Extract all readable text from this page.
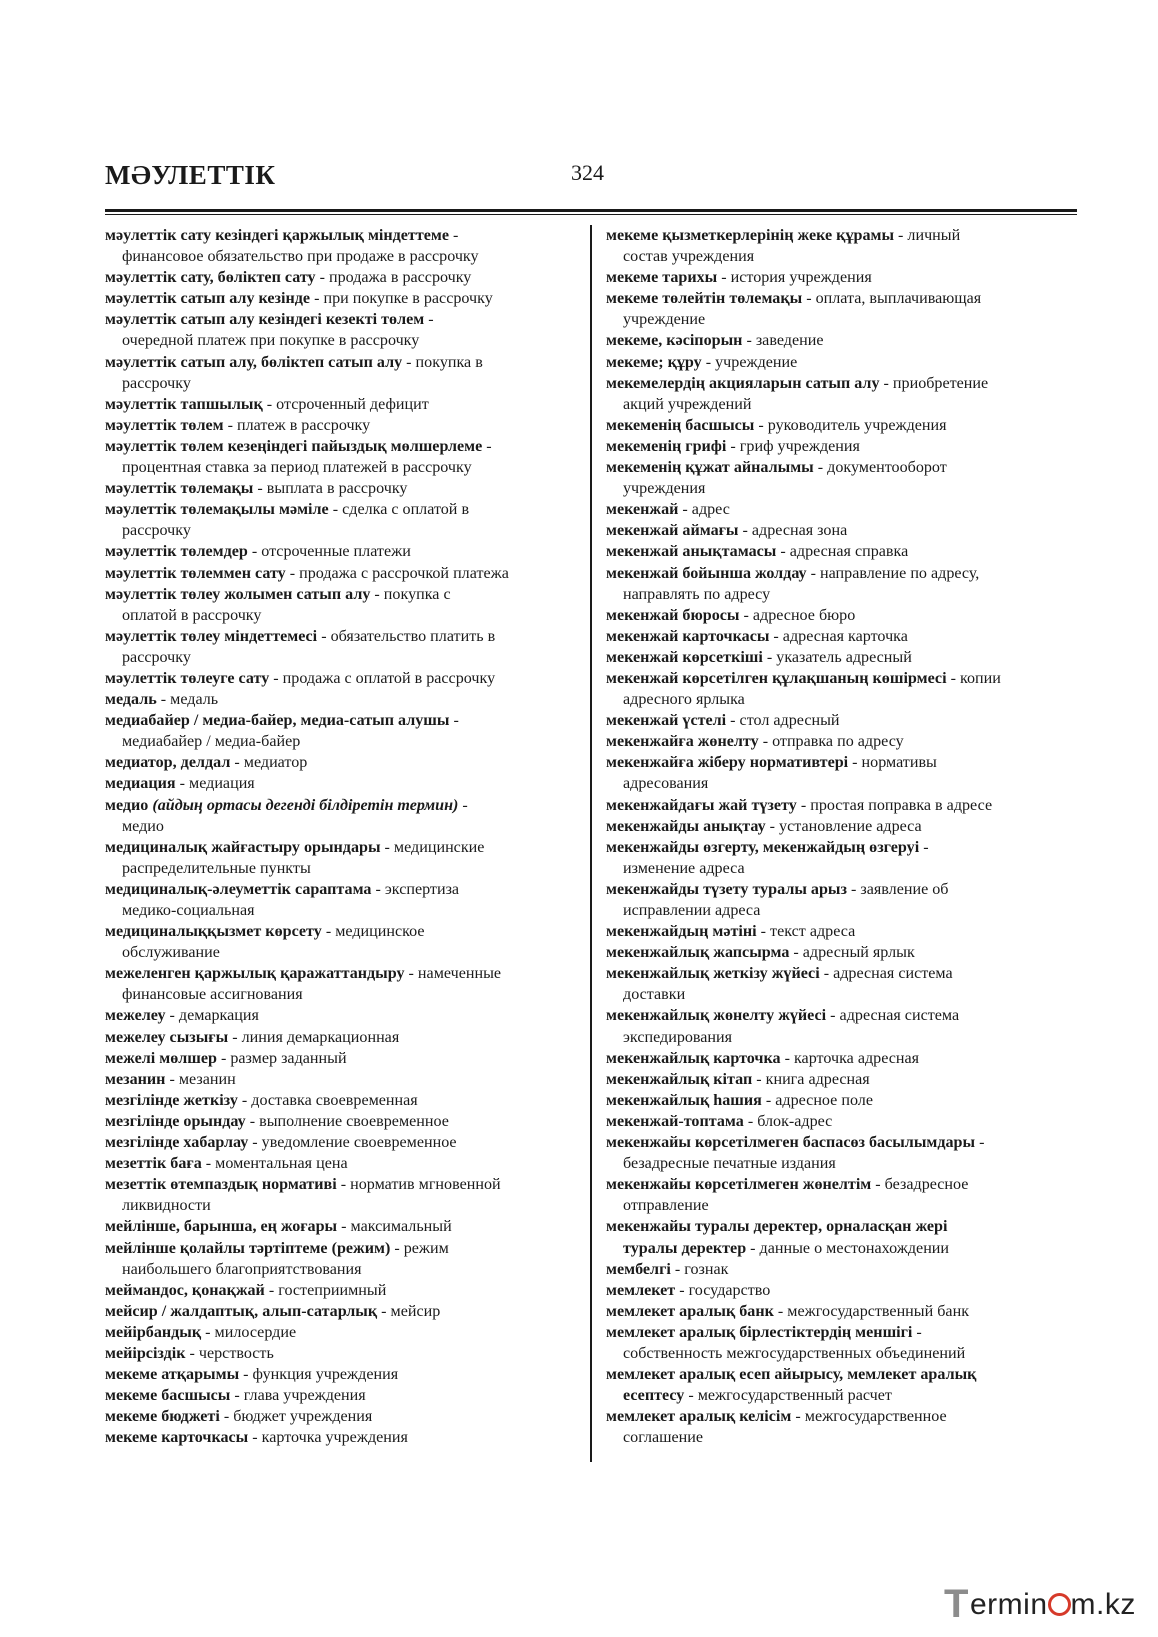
МӘУЛЕТТІК	324
мәулеттік сату кезіндегі қаржылық міндеттеме -
финансовое обязательство при продаже в рассрочку
мәулеттік сату, бөліктеп сату - продажа в рассрочку
мәулеттік сатып алу кезінде - при покупке в рассрочку
мәулеттік сатып алу кезіндегі кезекті төлем -
очередной платеж при покупке в рассрочку
мәулеттік сатып алу, бөліктеп сатып алу - покупка в
рассрочку
мәулеттік тапшылық - отсроченный дефицит
мәулеттік төлем - платеж в рассрочку
мәулеттік төлем кезеңіндегі пайыздық мөлшерлеме -
процентная ставка за период платежей в рассрочку
мәулеттік төлемақы - выплата в рассрочку
мәулеттік төлемақылы мәміле - сделка с оплатой в
рассрочку
мәулеттік төлемдер - отсроченные платежи
мәулеттік төлеммен сату - продажа с рассрочкой платежа
мәулеттік төлеу жолымен сатып алу - покупка с
оплатой в рассрочку
мәулеттік төлеу міндеттемесі - обязательство платить в
рассрочку
мәулеттік төлеуге сату - продажа с оплатой в рассрочку
медаль - медаль
медиабайер / медиа-байер, медиа-сатып алушы -
медиабайер / медиа-байер
медиатор, делдал - медиатор
медиация - медиация
медио (айдың ортасы дегенді білдіретін термин) -
медио
медициналық жайғастыру орындары - медицинские
распределительные пункты
медициналық-әлеуметтік сараптама - экспертиза
медико-социальная
медициналыққызмет көрсету - медицинское
обслуживание
межеленген қаржылық қаражаттандыру - намеченные
финансовые ассигнования
межелеу - демаркация
межелеу сызығы - линия демаркационная
межелі мөлшер - размер заданный
мезанин - мезанин
мезгілінде жеткізу - доставка своевременная
мезгілінде орындау - выполнение своевременное
мезгілінде хабарлау - уведомление своевременное
мезеттік баға - моментальная цена
мезеттік өтемпаздық нормативі - норматив мгновенной
ликвидности
мейлінше, барынша, ең жоғары - максимальный
мейлінше қолайлы тәртіптеме (режим) - режим
наибольшего благоприятствования
меймандос, қонақжай - гостеприимный
мейсир / жалдаптық, алып-сатарлық - мейсир
мейірбандық - милосердие
мейірсіздік - черствость
мекеме атқарымы - функция учреждения
мекеме басшысы - глава учреждения
мекеме бюджеті - бюджет учреждения
мекеме карточкасы - карточка учреждения
мекеме қызметкерлерінің жеке құрамы - личный
состав учреждения
мекеме тарихы - история учреждения
мекеме төлейтін төлемақы - оплата, выплачивающая
учреждение
мекеме, кәсіпорын - заведение
мекеме; құру - учреждение
мекемелердің акцияларын сатып алу - приобретение
акций учреждений
мекеменің басшысы - руководитель учреждения
мекеменің грифі - гриф учреждения
мекеменің құжат айналымы - документооборот
учреждения
мекенжай - адрес
мекенжай аймағы - адресная зона
мекенжай анықтамасы - адресная справка
мекенжай бойынша жолдау - направление по адресу,
направлять по адресу
мекенжай бюросы - адресное бюро
мекенжай карточкасы - адресная карточка
мекенжай көрсеткіші - указатель адресный
мекенжай көрсетілген құлақшаның көшірмесі - копии
адресного ярлыка
мекенжай үстелі - стол адресный
мекенжайға жөнелту - отправка по адресу
мекенжайға жіберу нормативтері - нормативы
адресования
мекенжайдағы жай түзету - простая поправка в адресе
мекенжайды анықтау - установление адреса
мекенжайды өзгерту, мекенжайдың өзгеруі -
изменение адреса
мекенжайды түзету туралы арыз - заявление об
исправлении адреса
мекенжайдың мәтіні - текст адреса
мекенжайлық жапсырма - адресный ярлык
мекенжайлық жеткізу жүйесі - адресная система
доставки
мекенжайлық жөнелту жүйесі - адресная система
экспедирования
мекенжайлық карточка - карточка адресная
мекенжайлық кітап - книга адресная
мекенжайлық һашия - адресное поле
мекенжай-топтама - блок-адрес
мекенжайы көрсетілмеген баспасөз басылымдары -
безадресные печатные издания
мекенжайы көрсетілмеген жөнелтім - безадресное
отправление
мекенжайы туралы деректер, орналасқан жері
туралы деректер - данные о местонахождении
мембелгі - гознак
мемлекет - государство
мемлекет аралық банк - межгосударственный банк
мемлекет аралық бірлестіктердің меншігі -
собственность межгосударственных объединений
мемлекет аралық есеп айырысу, мемлекет аралық
есептесу - межгосударственный расчет
мемлекет аралық келісім - межгосударственное
соглашение
T ermin m.kz
